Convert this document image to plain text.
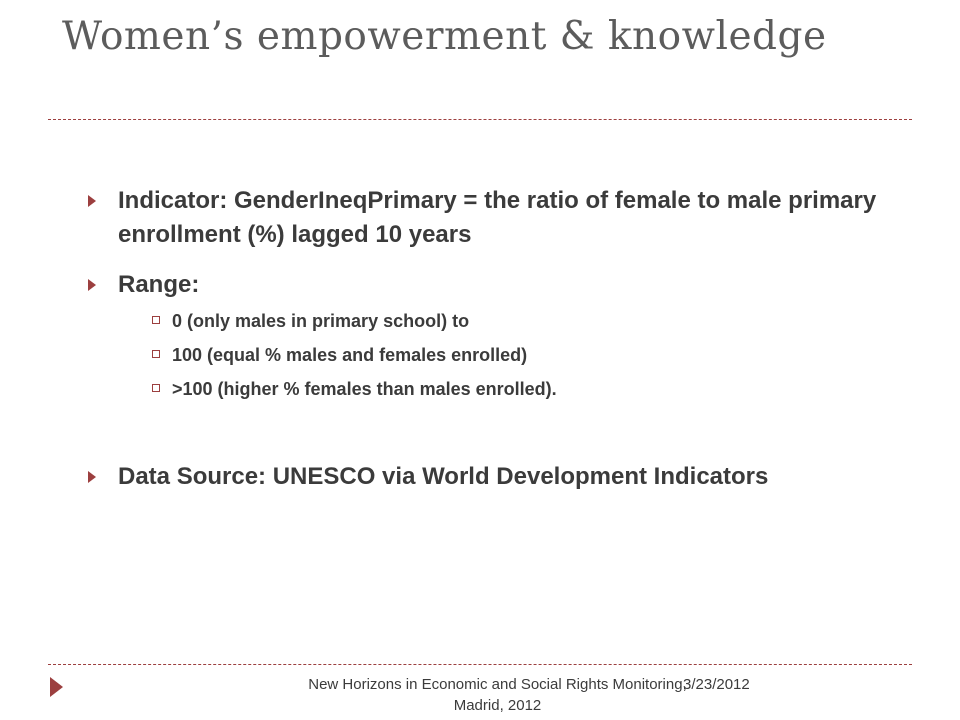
Women’s empowerment & knowledge
Indicator: GenderIneqPrimary = the ratio of female to male primary enrollment (%) lagged 10 years
Range:
0 (only males in primary school) to
100 (equal % males and females enrolled)
>100 (higher % females than males enrolled).
Data Source: UNESCO via World Development Indicators
New Horizons in Economic and Social Rights Monitoring, Madrid, 2012
3/23/2012
